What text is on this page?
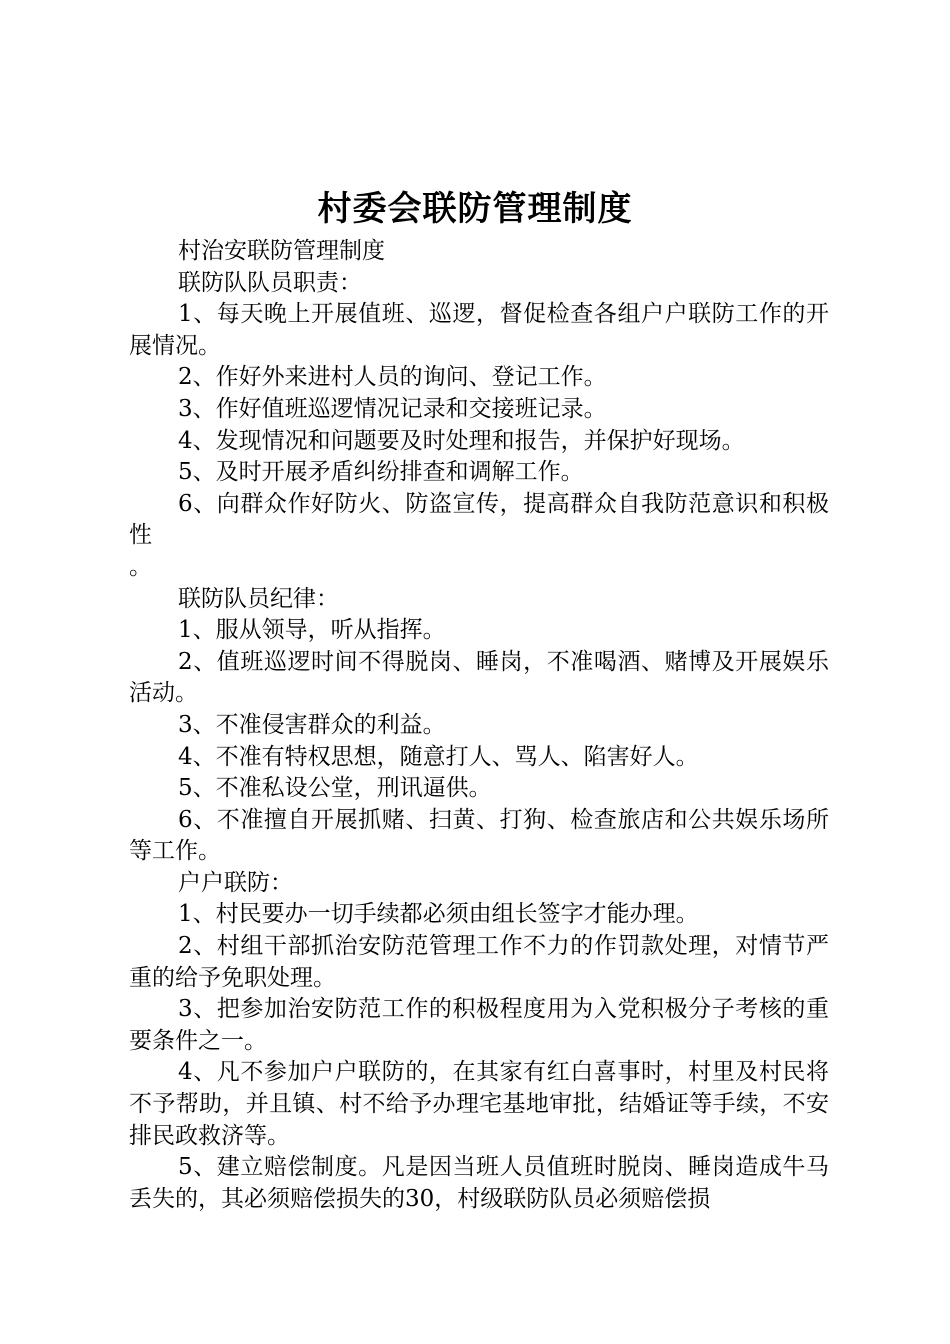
村委会联防管理制度

村治安联防管理制度

联防队队员职责：

1、每天晚上开展值班、巡逻，督促检查各组户户联防工作的开展情况。

2、作好外来进村人员的询问、登记工作。

3、作好值班巡逻情况记录和交接班记录。

4、发现情况和问题要及时处理和报告，并保护好现场。

5、及时开展矛盾纠纷排查和调解工作。

6、向群众作好防火、防盗宣传，提高群众自我防范意识和积极性
。

联防队员纪律：

1、服从领导，听从指挥。

2、值班巡逻时间不得脱岗、睡岗，不准喝酒、赌博及开展娱乐活动。

3、不准侵害群众的利益。

4、不准有特权思想，随意打人、骂人、陷害好人。

5、不准私设公堂，刑讯逼供。

6、不准擅自开展抓赌、扫黄、打狗、检查旅店和公共娱乐场所等工作。

户户联防：

1、村民要办一切手续都必须由组长签字才能办理。

2、村组干部抓治安防范管理工作不力的作罚款处理，对情节严重的给予免职处理。

3、把参加治安防范工作的积极程度用为入党积极分子考核的重要条件之一。

4、凡不参加户户联防的，在其家有红白喜事时，村里及村民将不予帮助，并且镇、村不给予办理宅基地审批，结婚证等手续，不安排民政救济等。

5、建立赔偿制度。凡是因当班人员值班时脱岗、睡岗造成牛马丢失的，其必须赔偿损失的30，村级联防队员必须赔偿损
